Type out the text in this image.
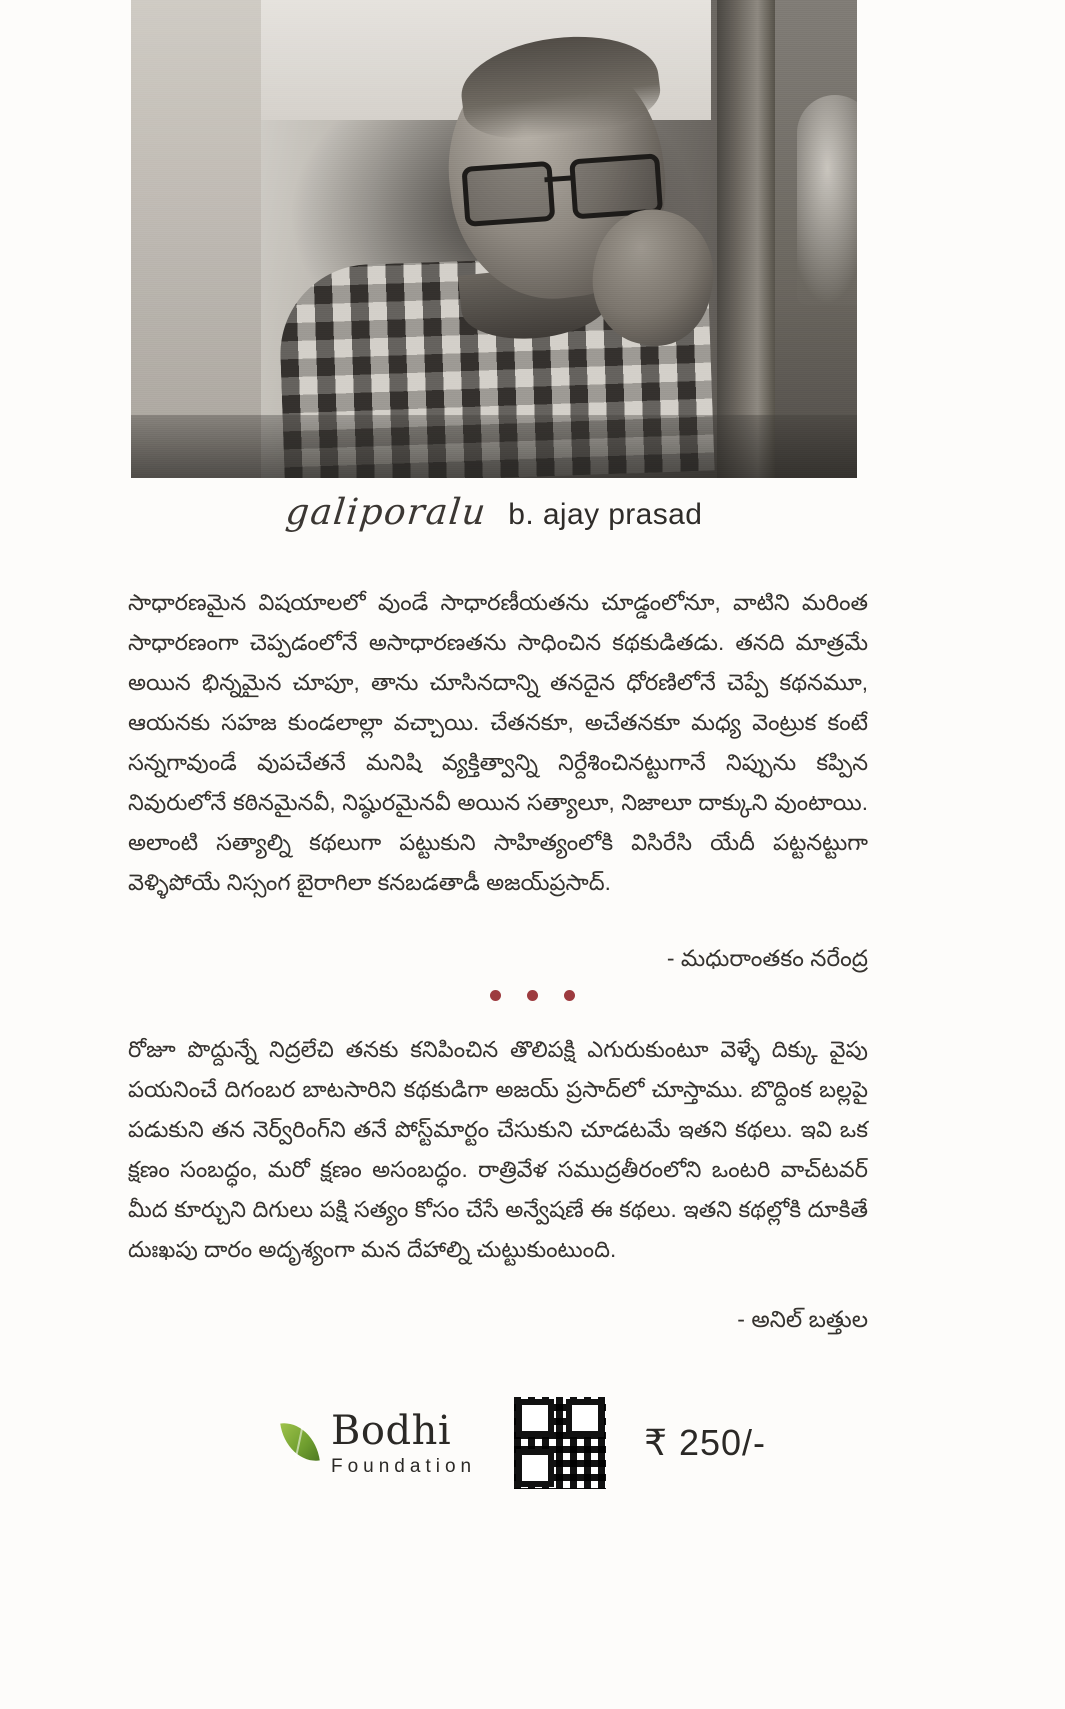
galiporalu b. ajay prasad
సాధారణమైన విషయాలలో వుండే సాధారణీయతను చూడ్డంలోనూ, వాటిని మరింత సాధారణంగా చెప్పడంలోనే అసాధారణతను సాధించిన కథకుడితడు. తనది మాత్రమే అయిన భిన్నమైన చూపూ, తాను చూసినదాన్ని తనదైన ధోరణిలోనే చెప్పే కథనమూ, ఆయనకు సహజ కుండలాల్లా వచ్చాయి. చేతనకూ, అచేతనకూ మధ్య వెంట్రుక కంటే సన్నగావుండే వుపచేతనే మనిషి వ్యక్తిత్వాన్ని నిర్దేశించినట్టుగానే నిప్పును కప్పిన నివురులోనే కఠినమైనవీ, నిష్ఠురమైనవీ అయిన సత్యాలూ, నిజాలూ దాక్కుని వుంటాయి. అలాంటి సత్యాల్ని కథలుగా పట్టుకుని సాహిత్యంలోకి విసిరేసి యేదీ పట్టనట్టుగా వెళ్ళిపోయే నిస్సంగ బైరాగిలా కనబడతాడీ అజయ్‌ప్రసాద్.
- మధురాంతకం నరేంద్ర
రోజూ పొద్దున్నే నిద్రలేచి తనకు కనిపించిన తొలిపక్షి ఎగురుకుంటూ వెళ్ళే దిక్కు వైపు పయనించే దిగంబర బాటసారిని కథకుడిగా అజయ్ ప్రసాద్‌లో చూస్తాము. బొద్దింక బల్లపై పడుకుని తన నెర్వ్‌రింగ్‌ని తనే పోస్ట్‌మార్టం చేసుకుని చూడటమే ఇతని కథలు. ఇవి ఒక క్షణం సంబద్ధం, మరో క్షణం అసంబద్ధం. రాత్రివేళ సముద్రతీరంలోని ఒంటరి వాచ్‌టవర్ మీద కూర్చుని దిగులు పక్షి సత్యం కోసం చేసే అన్వేషణే ఈ కథలు. ఇతని కథల్లోకి దూకితే దుఃఖపు దారం అదృశ్యంగా మన దేహాల్ని చుట్టుకుంటుంది.
- అనిల్ బత్తుల
Bodhi
Foundation
₹ 250/-
